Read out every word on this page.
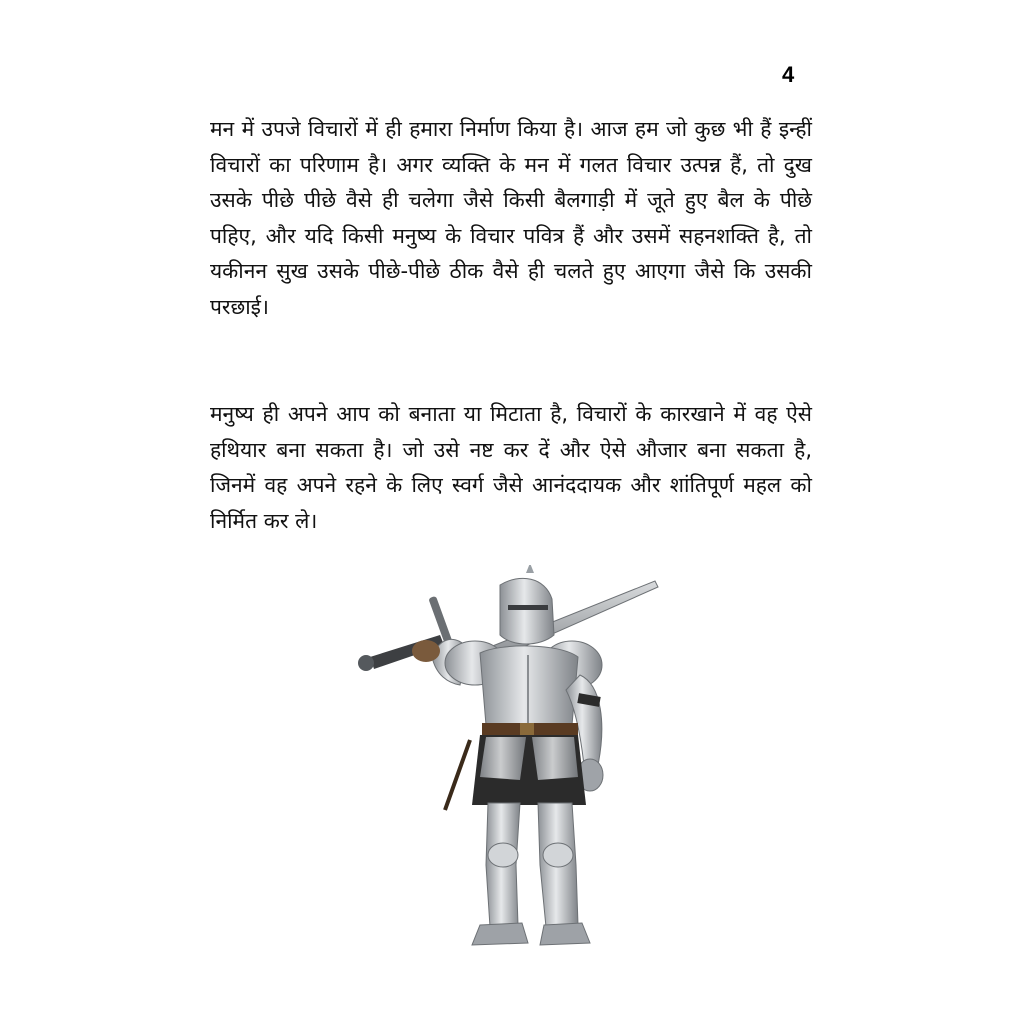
4

मन में उपजे विचारों में ही हमारा निर्माण किया है। आज हम जो कुछ भी हैं इन्हीं विचारों का परिणाम है। अगर व्यक्ति के मन में गलत विचार उत्पन्न हैं, तो दुख उसके पीछे पीछे वैसे ही चलेगा जैसे किसी बैलगाड़ी में जूते हुए बैल के पीछे पहिए, और यदि किसी मनुष्य के विचार पवित्र हैं और उसमें सहनशक्ति है, तो यकीनन सुख उसके पीछे-पीछे ठीक वैसे ही चलते हुए आएगा जैसे कि उसकी परछाई।

मनुष्य ही अपने आप को बनाता या मिटाता है, विचारों के कारखाने में वह ऐसे हथियार बना सकता है। जो उसे नष्ट कर दें और ऐसे औजार बना सकता है, जिनमें वह अपने रहने के लिए स्वर्ग जैसे आनंददायक और शांतिपूर्ण महल को निर्मित कर ले।
